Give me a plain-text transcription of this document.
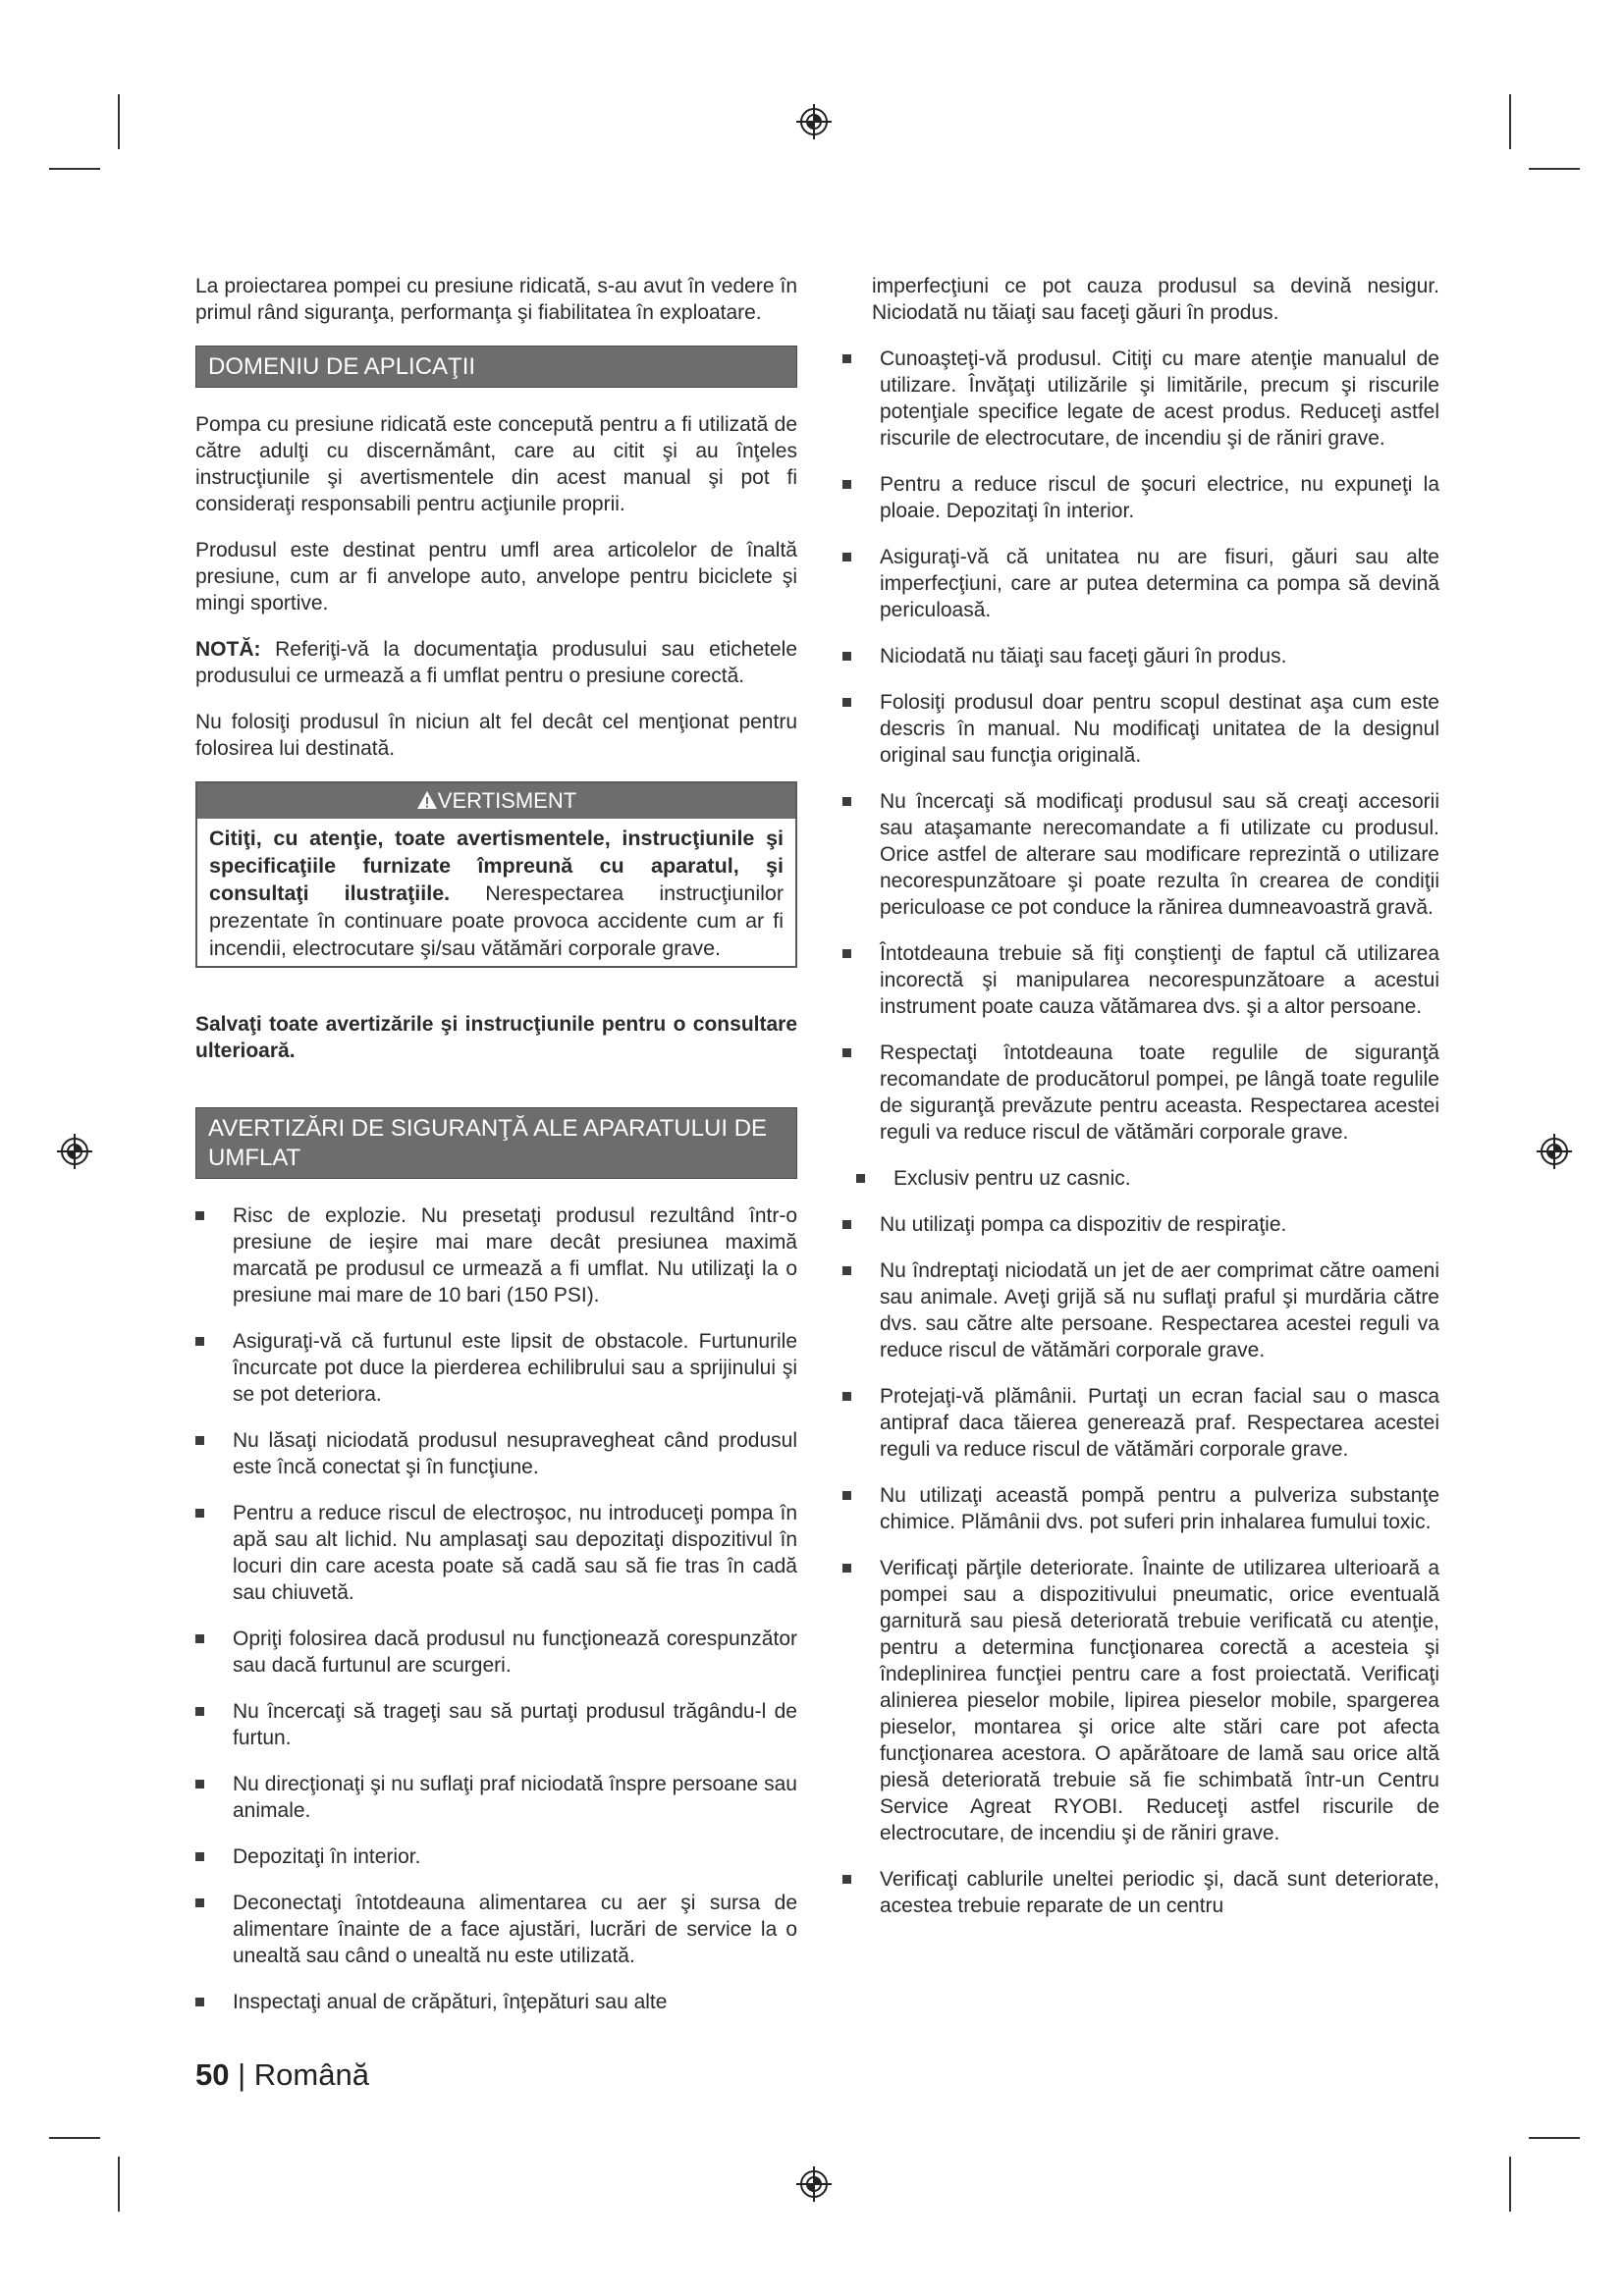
La proiectarea pompei cu presiune ridicată, s-au avut în vedere în primul rând siguranţa, performanţa şi fiabilitatea în exploatare.

DOMENIU DE APLICAŢII

Pompa cu presiune ridicată este concepută pentru a fi utilizată de către adulţi cu discernământ, care au citit şi au înţeles instrucţiunile şi avertismentele din acest manual şi pot fi consideraţi responsabili pentru acţiunile proprii.

Produsul este destinat pentru umfl area articolelor de înaltă presiune, cum ar fi anvelope auto, anvelope pentru biciclete şi mingi sportive.

NOTĂ: Referiţi-vă la documentaţia produsului sau etichetele produsului ce urmează a fi umflat pentru o presiune corectă.

Nu folosiţi produsul în niciun alt fel decât cel menţionat pentru folosirea lui destinată.

VERTISMENT

Citiţi, cu atenţie, toate avertismentele, instrucţiunile şi specificaţiile furnizate împreună cu aparatul, şi consultaţi ilustraţiile. Nerespectarea instrucţiunilor prezentate în continuare poate provoca accidente cum ar fi incendii, electrocutare şi/sau vătămări corporale grave.

Salvaţi toate avertizările şi instrucţiunile pentru o consultare ulterioară.

AVERTIZĂRI DE SIGURANŢĂ ALE APARATULUI DE UMFLAT

Risc de explozie. Nu presetaţi produsul rezultând într-o presiune de ieşire mai mare decât presiunea maximă marcată pe produsul ce urmează a fi umflat. Nu utilizaţi la o presiune mai mare de 10 bari (150 PSI).

Asiguraţi-vă că furtunul este lipsit de obstacole. Furtunurile încurcate pot duce la pierderea echilibrului sau a sprijinului şi se pot deteriora.

Nu lăsaţi niciodată produsul nesupravegheat când produsul este încă conectat şi în funcţiune.

Pentru a reduce riscul de electroşoc, nu introduceţi pompa în apă sau alt lichid. Nu amplasaţi sau depozitaţi dispozitivul în locuri din care acesta poate să cadă sau să fie tras în cadă sau chiuvetă.

Opriţi folosirea dacă produsul nu funcţionează corespunzător sau dacă furtunul are scurgeri.

Nu încercaţi să trageţi sau să purtaţi produsul trăgându-l de furtun.

Nu direcţionaţi şi nu suflaţi praf niciodată înspre persoane sau animale.

Depozitaţi în interior.

Deconectaţi întotdeauna alimentarea cu aer şi sursa de alimentare înainte de a face ajustări, lucrări de service la o unealtă sau când o unealtă nu este utilizată.

Inspectaţi anual de crăpături, înţepături sau alte

imperfecţiuni ce pot cauza produsul sa devină nesigur. Niciodată nu tăiaţi sau faceţi găuri în produs.

Cunoaşteţi-vă produsul. Citiţi cu mare atenţie manualul de utilizare. Învăţaţi utilizările şi limitările, precum şi riscurile potenţiale specifice legate de acest produs. Reduceţi astfel riscurile de electrocutare, de incendiu şi de răniri grave.

Pentru a reduce riscul de şocuri electrice, nu expuneţi la ploaie. Depozitaţi în interior.

Asiguraţi-vă că unitatea nu are fisuri, găuri sau alte imperfecţiuni, care ar putea determina ca pompa să devină periculoasă.

Niciodată nu tăiaţi sau faceţi găuri în produs.

Folosiţi produsul doar pentru scopul destinat aşa cum este descris în manual. Nu modificaţi unitatea de la designul original sau funcţia originală.

Nu încercaţi să modificaţi produsul sau să creaţi accesorii sau ataşamante nerecomandate a fi utilizate cu produsul. Orice astfel de alterare sau modificare reprezintă o utilizare necorespunzătoare şi poate rezulta în crearea de condiţii periculoase ce pot conduce la rănirea dumneavoastră gravă.

Întotdeauna trebuie să fiţi conştienţi de faptul că utilizarea incorectă şi manipularea necorespunzătoare a acestui instrument poate cauza vătămarea dvs. şi a altor persoane.

Respectaţi întotdeauna toate regulile de siguranţă recomandate de producătorul pompei, pe lângă toate regulile de siguranţă prevăzute pentru aceasta. Respectarea acestei reguli va reduce riscul de vătămări corporale grave.

Exclusiv pentru uz casnic.

Nu utilizaţi pompa ca dispozitiv de respiraţie.

Nu îndreptaţi niciodată un jet de aer comprimat către oameni sau animale. Aveţi grijă să nu suflaţi praful şi murdăria către dvs. sau către alte persoane. Respectarea acestei reguli va reduce riscul de vătămări corporale grave.

Protejaţi-vă plămânii. Purtaţi un ecran facial sau o masca antipraf daca tăierea generează praf. Respectarea acestei reguli va reduce riscul de vătămări corporale grave.

Nu utilizaţi această pompă pentru a pulveriza substanţe chimice. Plămânii dvs. pot suferi prin inhalarea fumului toxic.

Verificaţi părţile deteriorate. Înainte de utilizarea ulterioară a pompei sau a dispozitivului pneumatic, orice eventuală garnitură sau piesă deteriorată trebuie verificată cu atenţie, pentru a determina funcţionarea corectă a acesteia şi îndeplinirea funcţiei pentru care a fost proiectată. Verificaţi alinierea pieselor mobile, lipirea pieselor mobile, spargerea pieselor, montarea şi orice alte stări care pot afecta funcţionarea acestora. O apărătoare de lamă sau orice altă piesă deteriorată trebuie să fie schimbată într-un Centru Service Agreat RYOBI. Reduceţi astfel riscurile de electrocutare, de incendiu şi de răniri grave.

Verificaţi cablurile uneltei periodic şi, dacă sunt deteriorate, acestea trebuie reparate de un centru

50 | Română
